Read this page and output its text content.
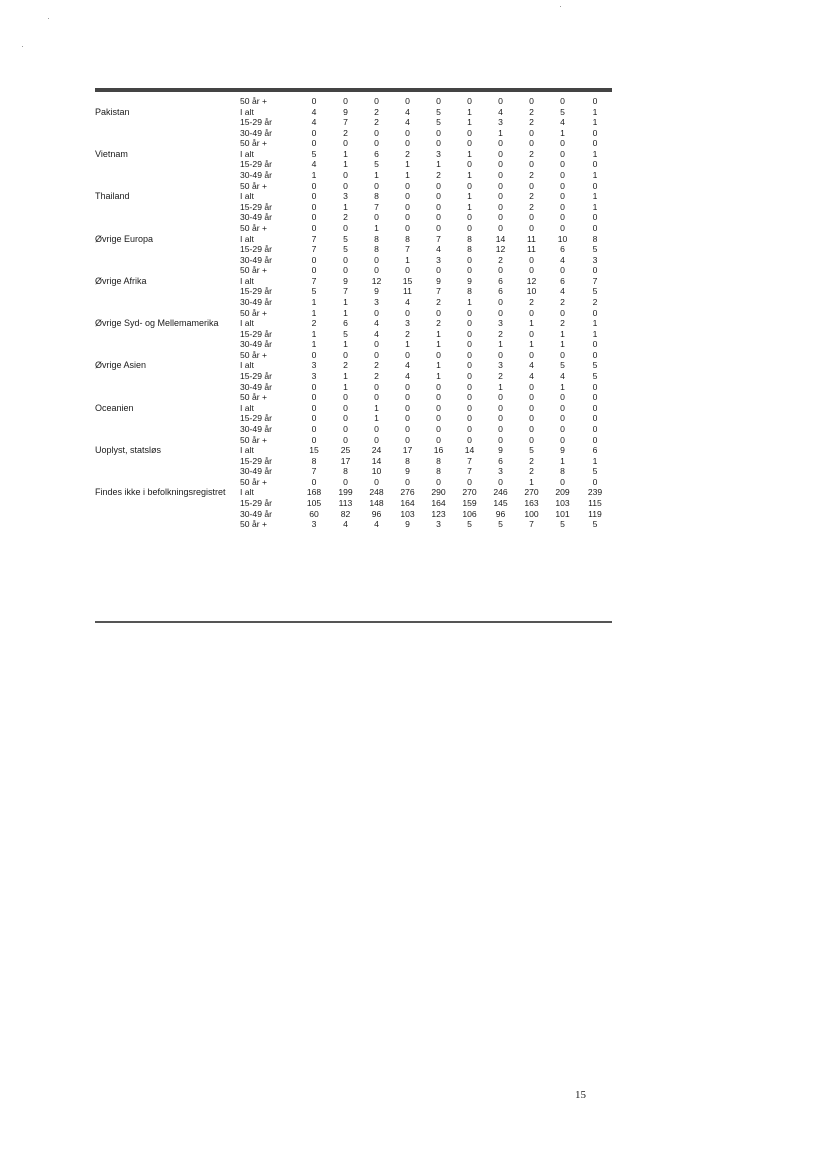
	50 år +	0	0	0	0	0	0	0	0	0	0
Pakistan	I alt	4	9	2	4	5	1	4	2	5	1
	15-29 år	4	7	2	4	5	1	3	2	4	1
	30-49 år	0	2	0	0	0	0	1	0	1	0
	50 år +	0	0	0	0	0	0	0	0	0	0
Vietnam	I alt	5	1	6	2	3	1	0	2	0	1
	15-29 år	4	1	5	1	1	0	0	0	0	0
	30-49 år	1	0	1	1	2	1	0	2	0	1
	50 år +	0	0	0	0	0	0	0	0	0	0
Thailand	I alt	0	3	8	0	0	1	0	2	0	1
	15-29 år	0	1	7	0	0	1	0	2	0	1
	30-49 år	0	2	0	0	0	0	0	0	0	0
	50 år +	0	0	1	0	0	0	0	0	0	0
Øvrige Europa	I alt	7	5	8	8	7	8	14	11	10	8
	15-29 år	7	5	8	7	4	8	12	11	6	5
	30-49 år	0	0	0	1	3	0	2	0	4	3
	50 år +	0	0	0	0	0	0	0	0	0	0
Øvrige Afrika	I alt	7	9	12	15	9	9	6	12	6	7
	15-29 år	5	7	9	11	7	8	6	10	4	5
	30-49 år	1	1	3	4	2	1	0	2	2	2
	50 år +	1	1	0	0	0	0	0	0	0	0
Øvrige Syd- og Mellemamerika	I alt	2	6	4	3	2	0	3	1	2	1
	15-29 år	1	5	4	2	1	0	2	0	1	1
	30-49 år	1	1	0	1	1	0	1	1	1	0
	50 år +	0	0	0	0	0	0	0	0	0	0
Øvrige Asien	I alt	3	2	2	4	1	0	3	4	5	5
	15-29 år	3	1	2	4	1	0	2	4	4	5
	30-49 år	0	1	0	0	0	0	1	0	1	0
	50 år +	0	0	0	0	0	0	0	0	0	0
Oceanien	I alt	0	0	1	0	0	0	0	0	0	0
	15-29 år	0	0	1	0	0	0	0	0	0	0
	30-49 år	0	0	0	0	0	0	0	0	0	0
	50 år +	0	0	0	0	0	0	0	0	0	0
Uoplyst, statsløs	I alt	15	25	24	17	16	14	9	5	9	6
	15-29 år	8	17	14	8	8	7	6	2	1	1
	30-49 år	7	8	10	9	8	7	3	2	8	5
	50 år +	0	0	0	0	0	0	0	1	0	0
Findes ikke i befolkningsregistret	I alt	168	199	248	276	290	270	246	270	209	239
	15-29 år	105	113	148	164	164	159	145	163	103	115
	30-49 år	60	82	96	103	123	106	96	100	101	119
	50 år +	3	4	4	9	3	5	5	7	5	5
15
